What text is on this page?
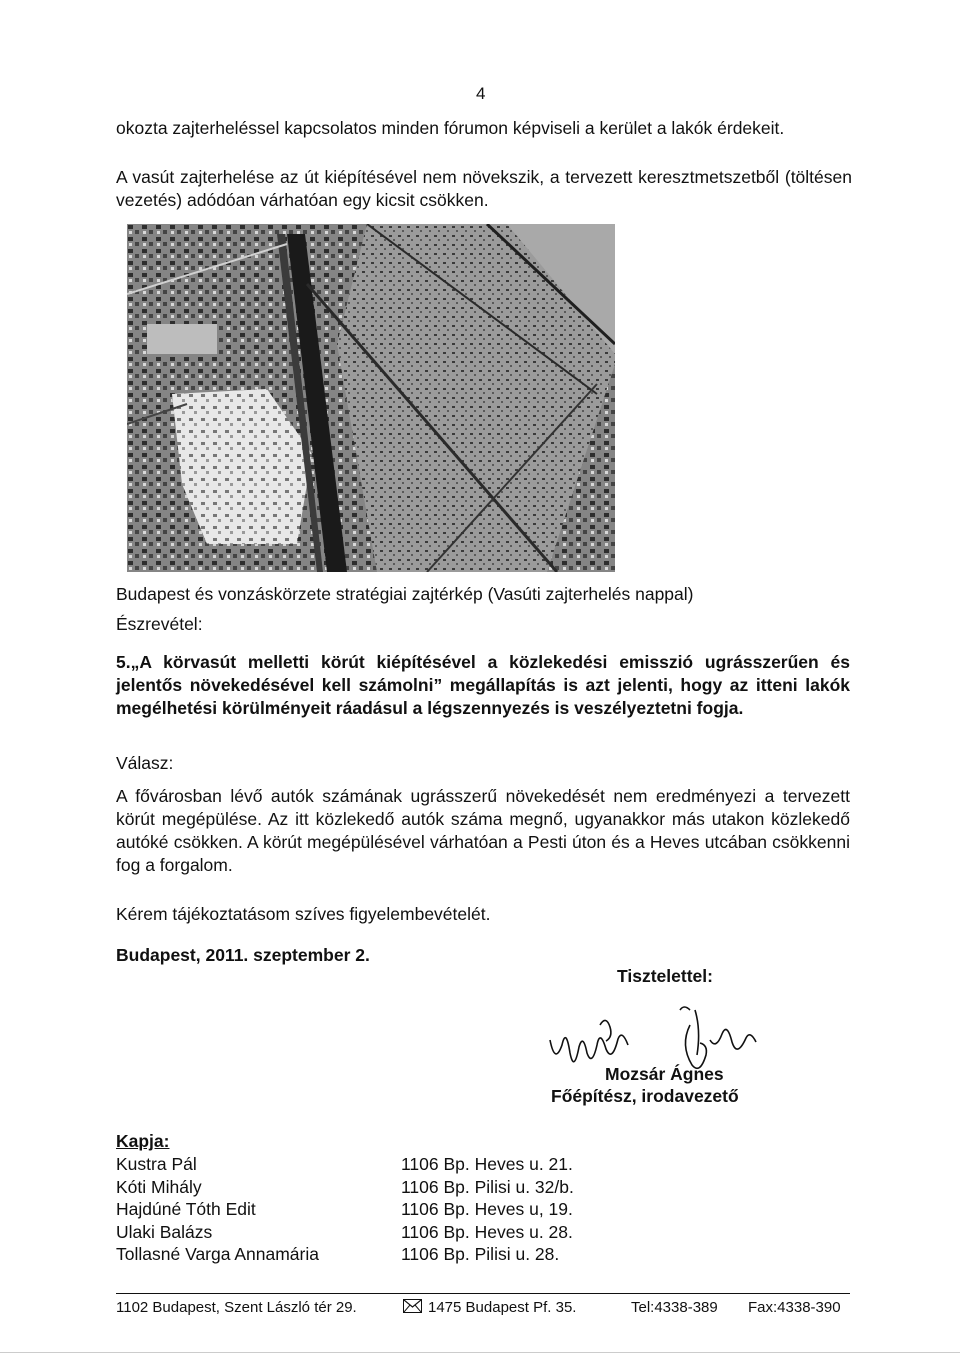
4
okozta zajterheléssel kapcsolatos minden fórumon képviseli a kerület a lakók érdekeit.
A vasút zajterhelése az út kiépítésével nem növekszik, a tervezett keresztmetszetből (töltésen vezetés) adódóan várhatóan egy kicsit csökken.
Budapest és vonzáskörzete stratégiai zajtérkép (Vasúti zajterhelés nappal)
Észrevétel:
5.„A körvasút melletti körút kiépítésével a közlekedési emisszió ugrásszerűen és jelentős növekedésével kell számolni” megállapítás is azt jelenti, hogy az itteni lakók megélhetési körülményeit ráadásul a légszennyezés is veszélyeztetni fogja.
Válasz:
A fővárosban lévő autók számának ugrásszerű növekedését nem eredményezi a tervezett körút megépülése. Az itt közlekedő autók száma megnő, ugyanakkor más utakon közlekedő autóké csökken. A körút megépülésével várhatóan a Pesti úton és a Heves utcában csökkenni fog a forgalom.
Kérem tájékoztatásom szíves figyelembevételét.
Budapest, 2011. szeptember 2.
Tisztelettel:
Mozsár Ágnes
Főépítész, irodavezető
Kapja:
Kustra Pál
Kóti Mihály
Hajdúné Tóth Edit
Ulaki Balázs
Tollasné Varga Annamária
1106 Bp. Heves u. 21.
1106 Bp. Pilisi u. 32/b.
1106 Bp. Heves u, 19.
1106 Bp. Heves u. 28.
1106 Bp. Pilisi u. 28.
1102 Budapest, Szent László tér 29.	1475 Budapest Pf. 35.	Tel:4338-389 Fax:4338-390
